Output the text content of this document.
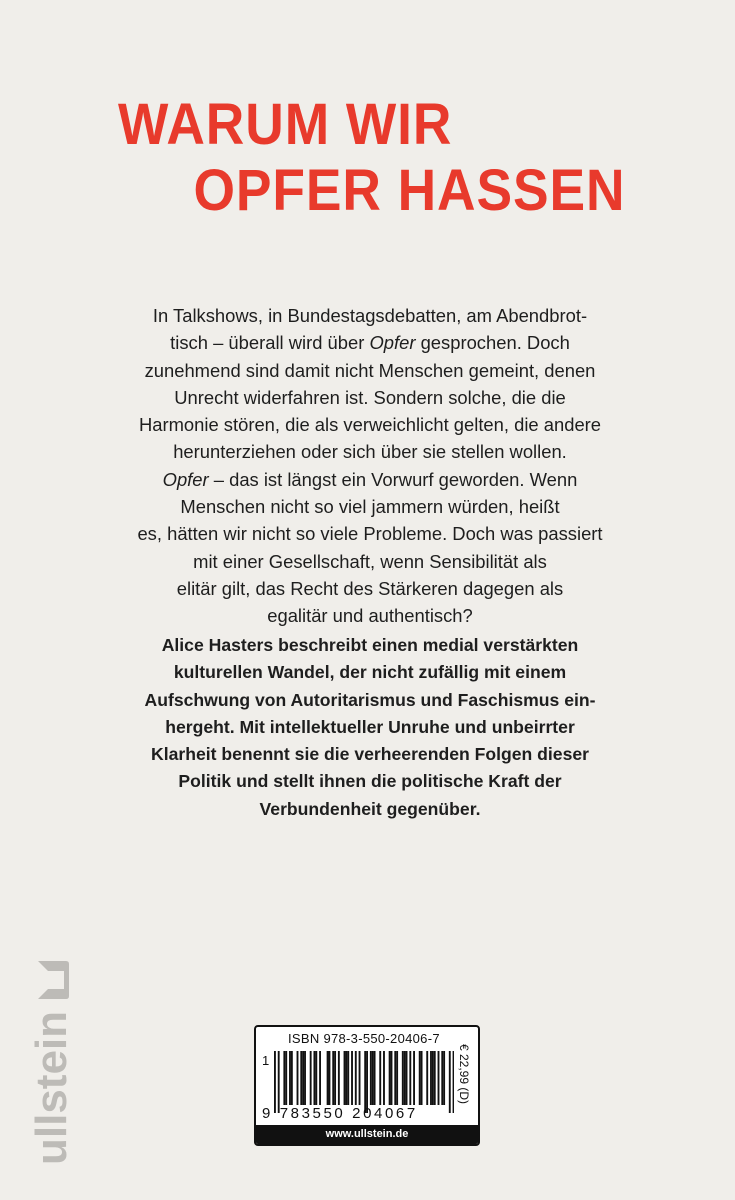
WARUM WIR
OPFER HASSEN

In Talkshows, in Bundestagsdebatten, am Abendbrot-
tisch – überall wird über Opfer gesprochen. Doch
zunehmend sind damit nicht Menschen gemeint, denen
Unrecht widerfahren ist. Sondern solche, die die
Harmonie stören, die als verweichlicht gelten, die andere
herunterziehen oder sich über sie stellen wollen.
Opfer – das ist längst ein Vorwurf geworden. Wenn
Menschen nicht so viel jammern würden, heißt
es, hätten wir nicht so viele Probleme. Doch was passiert
mit einer Gesellschaft, wenn Sensibilität als
elitär gilt, das Recht des Stärkeren dagegen als
egalitär und authentisch?

Alice Hasters beschreibt einen medial verstärkten
kulturellen Wandel, der nicht zufällig mit einem
Aufschwung von Autoritarismus und Faschismus ein-
hergeht. Mit intellektueller Unruhe und unbeirrter
Klarheit benennt sie die verheerenden Folgen dieser
Politik und stellt ihnen die politische Kraft der
Verbundenheit gegenüber.

ullstein	ISBN 978-3-550-20406-7
1
9 783550 204067
€ 22,99 (D)
www.ullstein.de
